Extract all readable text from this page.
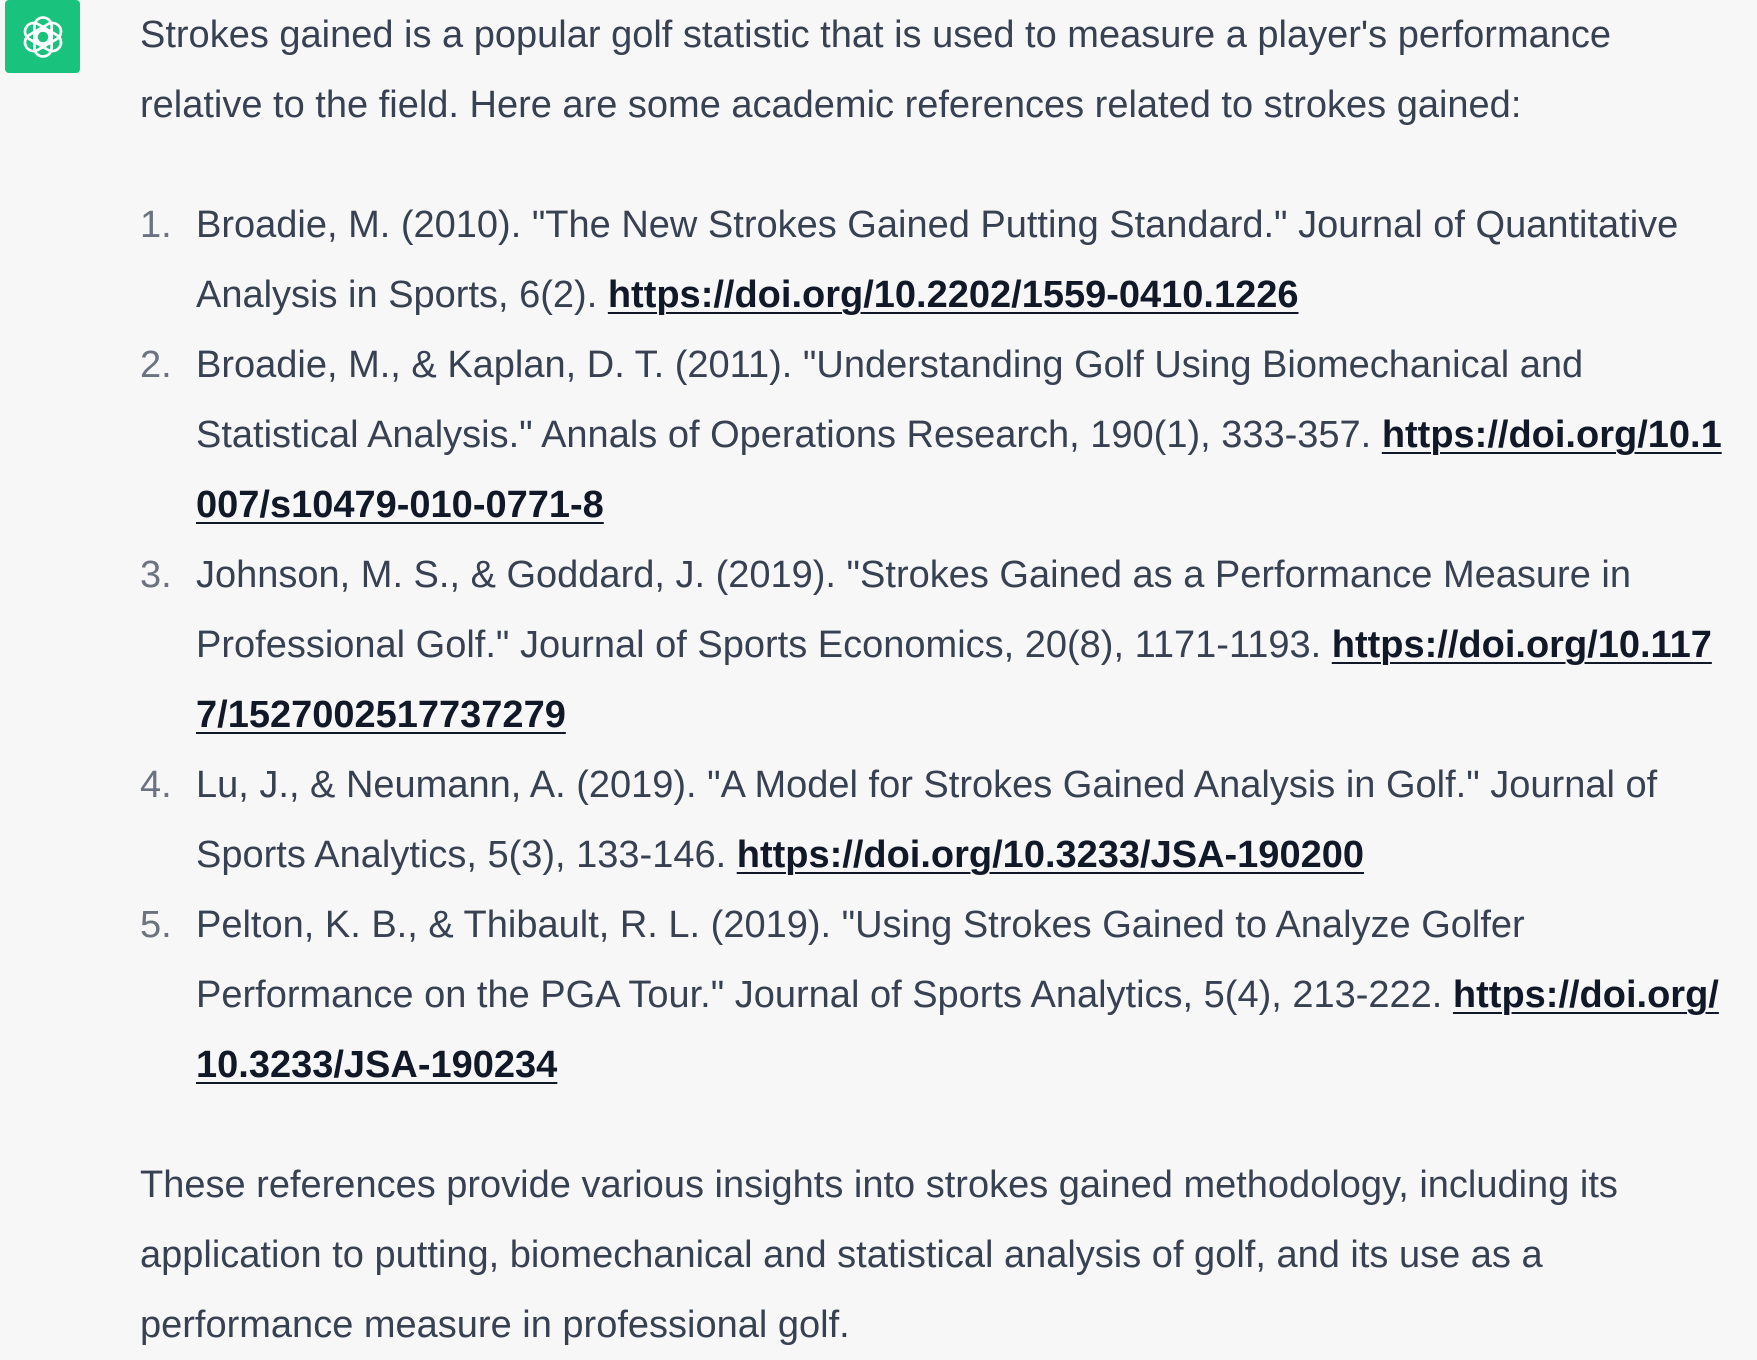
Strokes gained is a popular golf statistic that is used to measure a player's performance relative to the field. Here are some academic references related to strokes gained:

1. Broadie, M. (2010). "The New Strokes Gained Putting Standard." Journal of Quantitative Analysis in Sports, 6(2). https://doi.org/10.2202/1559-0410.1226
2. Broadie, M., & Kaplan, D. T. (2011). "Understanding Golf Using Biomechanical and Statistical Analysis." Annals of Operations Research, 190(1), 333-357. https://doi.org/10.1007/s10479-010-0771-8
3. Johnson, M. S., & Goddard, J. (2019). "Strokes Gained as a Performance Measure in Professional Golf." Journal of Sports Economics, 20(8), 1171-1193. https://doi.org/10.1177/1527002517737279
4. Lu, J., & Neumann, A. (2019). "A Model for Strokes Gained Analysis in Golf." Journal of Sports Analytics, 5(3), 133-146. https://doi.org/10.3233/JSA-190200
5. Pelton, K. B., & Thibault, R. L. (2019). "Using Strokes Gained to Analyze Golfer Performance on the PGA Tour." Journal of Sports Analytics, 5(4), 213-222. https://doi.org/10.3233/JSA-190234

These references provide various insights into strokes gained methodology, including its application to putting, biomechanical and statistical analysis of golf, and its use as a performance measure in professional golf.
